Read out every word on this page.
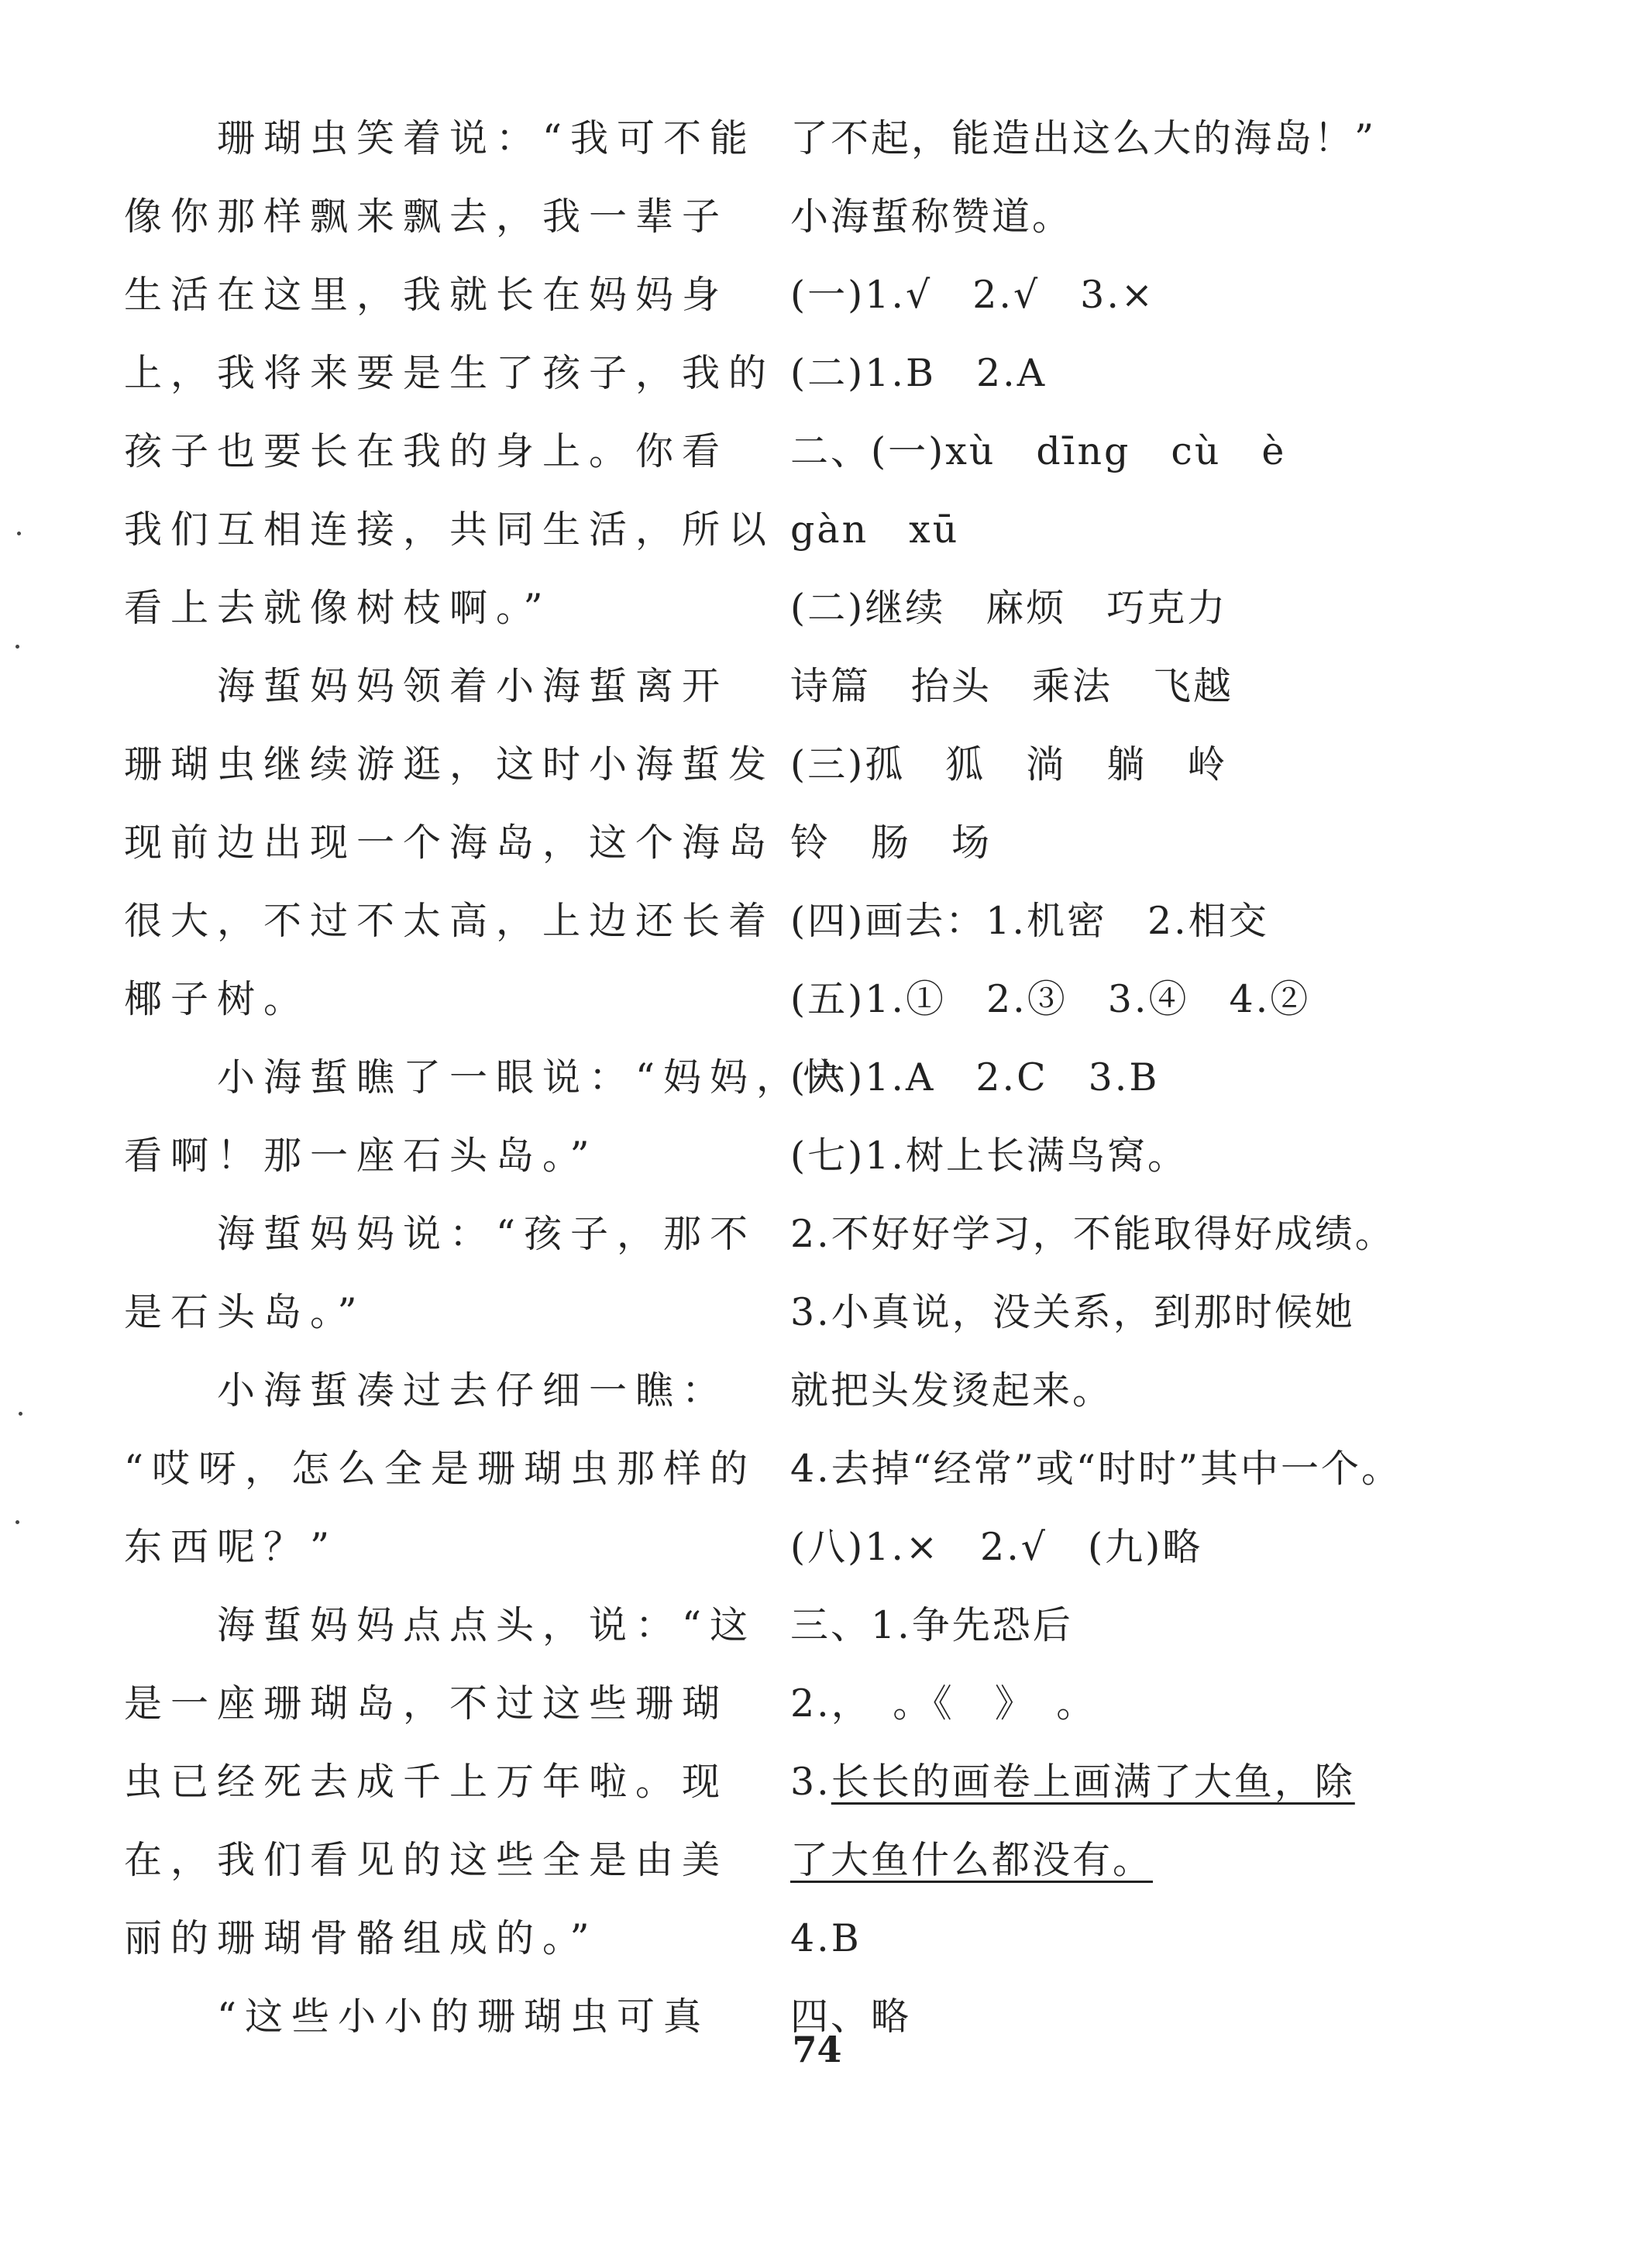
　　珊瑚虫笑着说：“我可不能
像你那样飘来飘去，我一辈子
生活在这里，我就长在妈妈身
上，我将来要是生了孩子，我的
孩子也要长在我的身上。你看
我们互相连接，共同生活，所以
看上去就像树枝啊。”
　　海蜇妈妈领着小海蜇离开
珊瑚虫继续游逛，这时小海蜇发
现前边出现一个海岛，这个海岛
很大，不过不太高，上边还长着
椰子树。
　　小海蜇瞧了一眼说：“妈妈，快
看啊！那一座石头岛。”
　　海蜇妈妈说：“孩子，那不
是石头岛。”
　　小海蜇凑过去仔细一瞧：
“哎呀，怎么全是珊瑚虫那样的
东西呢？”
　　海蜇妈妈点点头，说：“这
是一座珊瑚岛，不过这些珊瑚
虫已经死去成千上万年啦。现
在，我们看见的这些全是由美
丽的珊瑚骨骼组成的。”
　　“这些小小的珊瑚虫可真
了不起，能造出这么大的海岛！”
小海蜇称赞道。
(一)1.√　2.√　3.×
(二)1.B　2.A
二、(一)xù　dīng　cù　è
gàn　xū
(二)继续　麻烦　巧克力
诗篇　抬头　乘法　飞越
(三)孤　狐　淌　躺　岭
铃　肠　场
(四)画去：1.机密　2.相交
(五)1.①　2.③　3.④　4.②
(六)1.A　2.C　3.B
(七)1.树上长满鸟窝。
2.不好好学习，不能取得好成绩。
3.小真说，没关系，到那时候她
就把头发烫起来。
4.去掉“经常”或“时时”其中一个。
(八)1.×　2.√　(九)略
三、1.争先恐后
2.，　。《　》　。
3.长长的画卷上画满了大鱼，除
了大鱼什么都没有。
4.B
四、略
74
